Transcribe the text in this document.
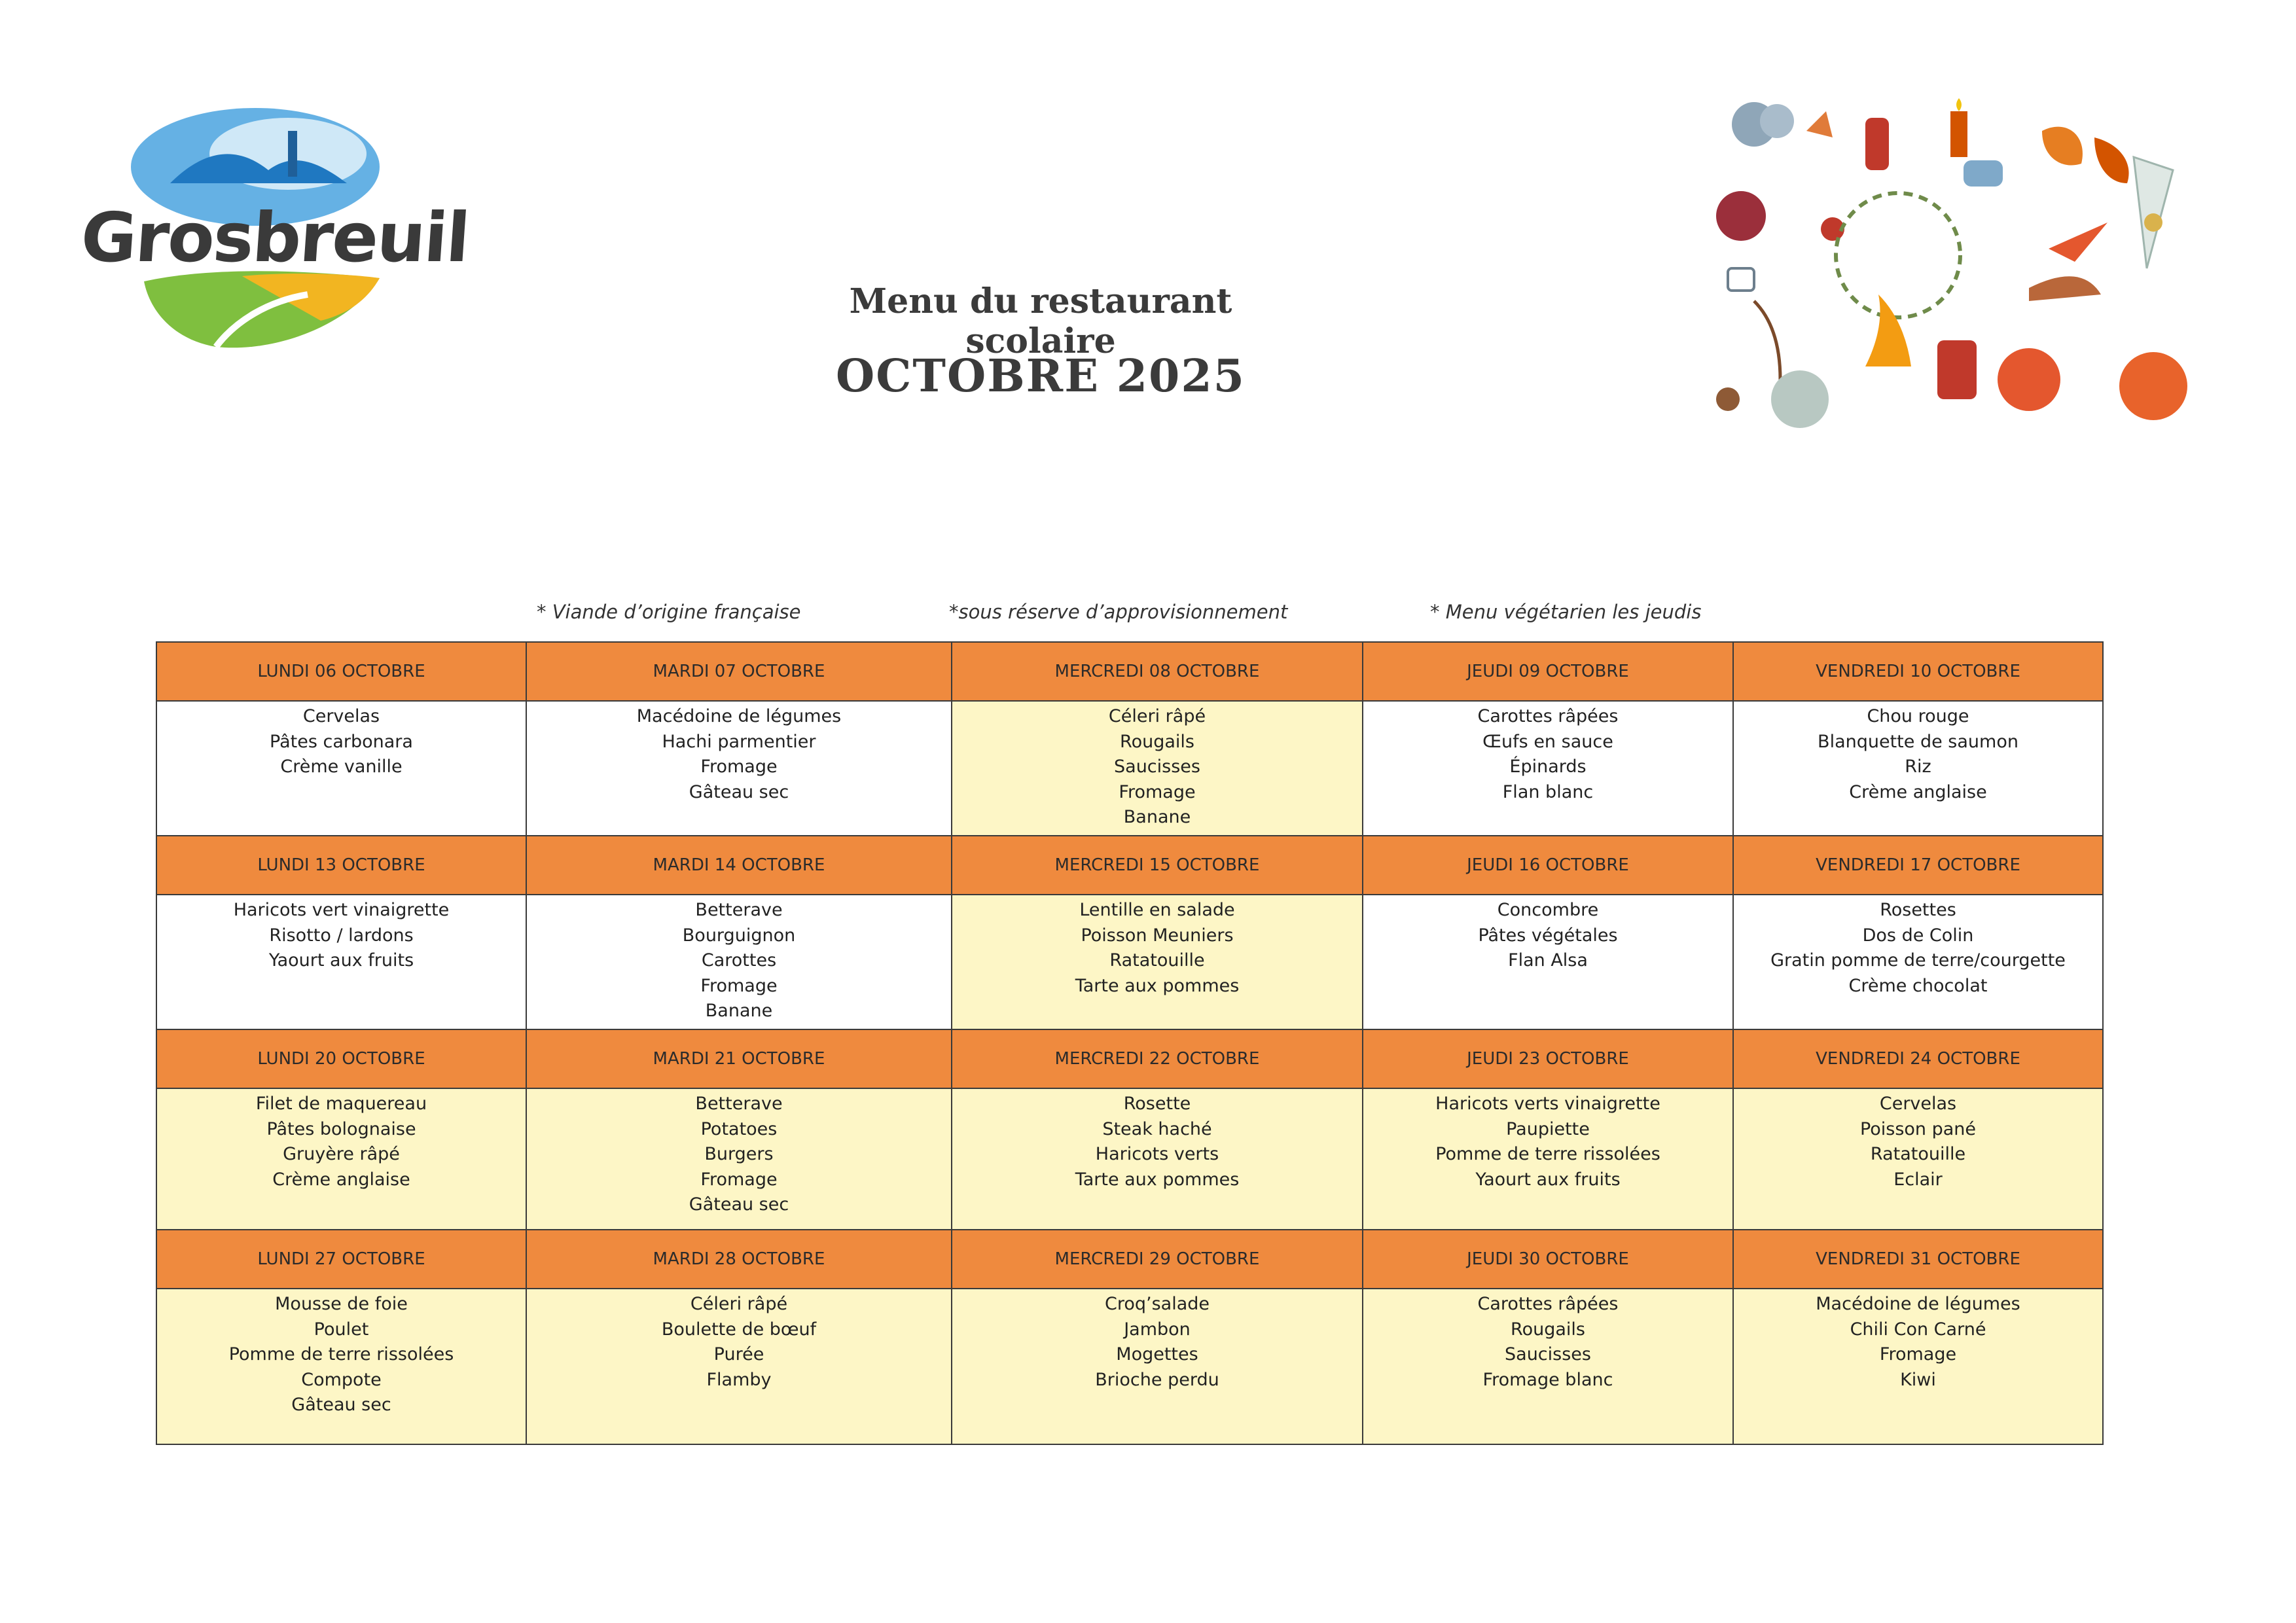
Grosbreuil
Menu du restaurant scolaire
OCTOBRE 2025
* Viande d’origine française	*sous réserve d’approvisionnement	* Menu végétarien les jeudis
LUNDI 06 OCTOBRE	MARDI 07 OCTOBRE	MERCREDI 08 OCTOBRE	JEUDI 09 OCTOBRE	VENDREDI 10 OCTOBRE

Cervelas
Pâtes carbonara
Crème vanille	Macédoine de légumes
Hachi parmentier
Fromage
Gâteau sec	Céleri râpé
Rougails
Saucisses
Fromage
Banane	Carottes râpées
Œufs en sauce
Épinards
Flan blanc	Chou rouge
Blanquette de saumon
Riz
Crème anglaise

LUNDI 13 OCTOBRE	MARDI 14 OCTOBRE	MERCREDI 15 OCTOBRE	JEUDI 16 OCTOBRE	VENDREDI 17 OCTOBRE

Haricots vert vinaigrette
Risotto / lardons
Yaourt aux fruits	Betterave
Bourguignon
Carottes
Fromage
Banane	Lentille en salade
Poisson Meuniers
Ratatouille
Tarte aux pommes	Concombre
Pâtes végétales
Flan Alsa	Rosettes
Dos de Colin
Gratin pomme de terre/courgette
Crème chocolat

LUNDI 20 OCTOBRE	MARDI 21 OCTOBRE	MERCREDI 22 OCTOBRE	JEUDI 23 OCTOBRE	VENDREDI 24 OCTOBRE

Filet de maquereau
Pâtes bolognaise
Gruyère râpé
Crème anglaise	Betterave
Potatoes
Burgers
Fromage
Gâteau sec	Rosette
Steak haché
Haricots verts
Tarte aux pommes	Haricots verts vinaigrette
Paupiette
Pomme de terre rissolées
Yaourt aux fruits	Cervelas
Poisson pané
Ratatouille
Eclair

LUNDI 27 OCTOBRE	MARDI 28 OCTOBRE	MERCREDI 29 OCTOBRE	JEUDI 30 OCTOBRE	VENDREDI 31 OCTOBRE

Mousse de foie
Poulet
Pomme de terre rissolées
Compote
Gâteau sec	Céleri râpé
Boulette de bœuf
Purée
Flamby	Croq’salade
Jambon
Mogettes
Brioche perdu	Carottes râpées
Rougails
Saucisses
Fromage blanc	Macédoine de légumes
Chili Con Carné
Fromage
Kiwi
